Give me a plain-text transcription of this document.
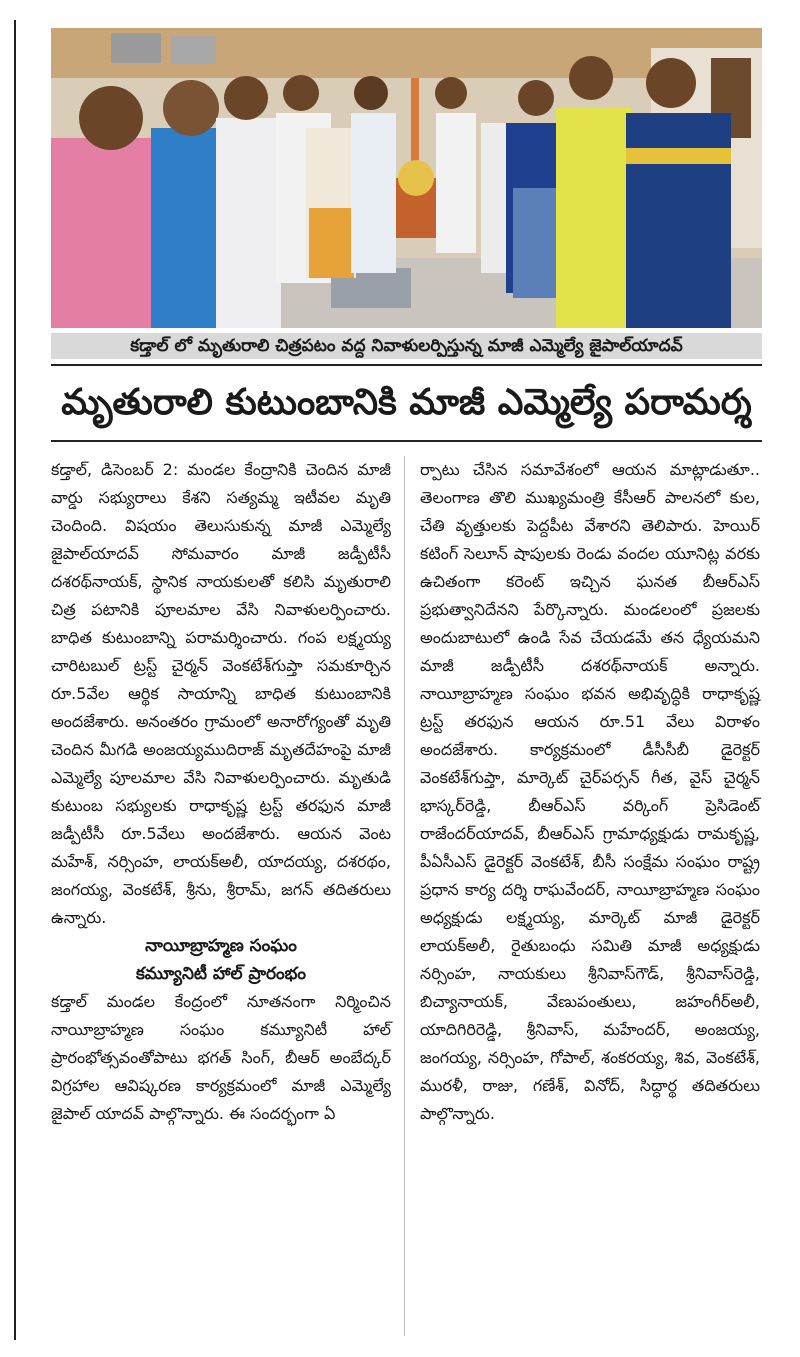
కడ్తాల్ లో మృతురాలి చిత్రపటం వద్ద నివాళులర్పిస్తున్న మాజీ ఎమ్మెల్యే జైపాల్‌యాదవ్
మృతురాలి కుటుంబానికి మాజీ ఎమ్మెల్యే పరామర్శ

కడ్తాల్, డిసెంబర్ 2: మండల కేంద్రానికి చెందిన మాజీ వార్డు సభ్యురాలు కేశని సత్యమ్మ ఇటీవల మృతి చెందింది. విషయం తెలుసుకున్న మాజీ ఎమ్మెల్యే జైపాల్‌యాదవ్ సోమవారం మాజీ జడ్పీటీసీ దశరథ్‌నాయక్, స్థానిక నాయకులతో కలిసి మృతురాలి చిత్ర పటానికి పూలమాల వేసి నివాళులర్పించారు. బాధిత కుటుంబాన్ని పరామర్శించారు. గంప లక్ష్మయ్య చారిటబుల్ ట్రస్ట్ చైర్మన్ వెంకటేశ్‌గుప్తా సమకూర్చిన రూ.5వేల ఆర్థిక సాయాన్ని బాధిత కుటుంబానికి అందజేశారు. అనంతరం గ్రామంలో అనారోగ్యంతో మృతి చెందిన మీగడి అంజయ్యముదిరాజ్ మృతదేహంపై మాజీ ఎమ్మెల్యే పూలమాల వేసి నివాళులర్పించారు. మృతుడి కుటుంబ సభ్యులకు రాధాకృష్ణ ట్రస్ట్ తరఫున మాజీ జడ్పీటీసీ రూ.5వేలు అందజేశారు. ఆయన వెంట మహేశ్, నర్సింహ, లాయక్‌అలీ, యాదయ్య, దశరథం, జంగయ్య, వెంకటేశ్, శ్రీను, శ్రీరామ్, జగన్ తదితరులు ఉన్నారు.

నాయీబ్రాహ్మణ సంఘం
కమ్యూనిటీ హాల్ ప్రారంభం

కడ్తాల్ మండల కేంద్రంలో నూతనంగా నిర్మించిన నాయీబ్రాహ్మణ సంఘం కమ్యూనిటీ హాల్ ప్రారంభోత్సవంతోపాటు భగత్ సింగ్, బీఆర్ అంబేద్కర్ విగ్రహాల ఆవిష్కరణ కార్యక్రమంలో మాజీ ఎమ్మెల్యే జైపాల్ యాదవ్ పాల్గొన్నారు. ఈ సందర్భంగా ఏ

ర్పాటు చేసిన సమావేశంలో ఆయన మాట్లాడుతూ.. తెలంగాణ తొలి ముఖ్యమంత్రి కేసీఆర్ పాలనలో కుల, చేతి వృత్తులకు పెద్దపీట వేశారని తెలిపారు. హెయిర్ కటింగ్ సెలూన్ షాపులకు రెండు వందల యూనిట్ల వరకు ఉచితంగా కరెంట్ ఇచ్చిన ఘనత బీఆర్‌ఎస్ ప్రభుత్వానిదేనని పేర్కొన్నారు. మండలంలో ప్రజలకు అందుబాటులో ఉండి సేవ చేయడమే తన ధ్యేయమని మాజీ జడ్పీటీసీ దశరథ్‌నాయక్ అన్నారు. నాయీబ్రాహ్మణ సంఘం భవన అభివృద్ధికి రాధాకృష్ణ ట్రస్ట్ తరఫున ఆయన రూ.51 వేలు విరాళం అందజేశారు. కార్యక్రమంలో డీసీసీబీ డైరెక్టర్ వెంకటేశ్‌గుప్తా, మార్కెట్ చైర్‌పర్సన్ గీత, వైస్ చైర్మన్ భాస్కర్‌రెడ్డి, బీఆర్‌ఎస్ వర్కింగ్ ప్రెసిడెంట్ రాజేందర్‌యాదవ్, బీఆర్‌ఎస్ గ్రామాధ్యక్షుడు రామకృష్ణ, పీఏసీఎస్ డైరెక్టర్ వెంకటేశ్, బీసీ సంక్షేమ సంఘం రాష్ట్ర ప్రధాన కార్య దర్శి రాఘవేందర్, నాయీబ్రాహ్మణ సంఘం అధ్యక్షుడు లక్ష్మయ్య, మార్కెట్ మాజీ డైరెక్టర్ లాయక్‌అలీ, రైతుబంధు సమితి మాజీ అధ్యక్షుడు నర్సింహ, నాయకులు శ్రీనివాస్‌గౌడ్, శ్రీనివాస్‌రెడ్డి, బిచ్యానాయక్, వేణుపంతులు, జహంగీర్‌అలీ, యాదిగిరిరెడ్డి, శ్రీనివాస్, మహేందర్, అంజయ్య, జంగయ్య, నర్సింహ, గోపాల్, శంకరయ్య, శివ, వెంకటేశ్, మురళీ, రాజు, గణేశ్, వినోద్, సిద్ధార్థ తదితరులు పాల్గొన్నారు.
